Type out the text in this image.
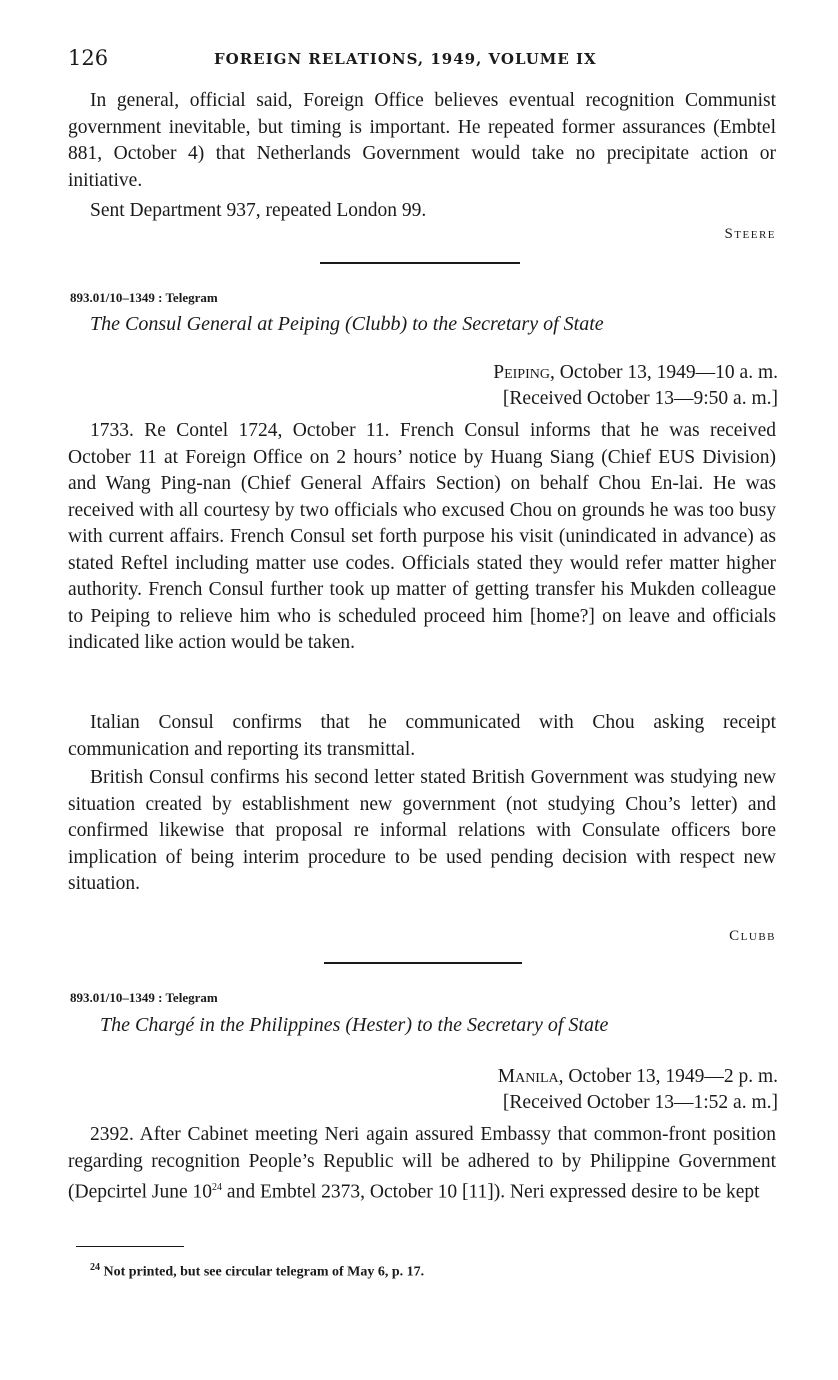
126	FOREIGN RELATIONS, 1949, VOLUME IX

In general, official said, Foreign Office believes eventual recognition Communist government inevitable, but timing is important. He repeated former assurances (Embtel 881, October 4) that Netherlands Government would take no precipitate action or initiative.

Sent Department 937, repeated London 99.

Steere
893.01/10–1349 : Telegram
The Consul General at Peiping (Clubb) to the Secretary of State
Peiping, October 13, 1949—10 a. m.
[Received October 13—9:50 a. m.]

1733. Re Contel 1724, October 11. French Consul informs that he was received October 11 at Foreign Office on 2 hours’ notice by Huang Siang (Chief EUS Division) and Wang Ping-nan (Chief General Affairs Section) on behalf Chou En-lai. He was received with all courtesy by two officials who excused Chou on grounds he was too busy with current affairs. French Consul set forth purpose his visit (unindicated in advance) as stated Reftel including matter use codes. Officials stated they would refer matter higher authority. French Consul further took up matter of getting transfer his Mukden colleague to Peiping to relieve him who is scheduled proceed him [home?] on leave and officials indicated like action would be taken.

Italian Consul confirms that he communicated with Chou asking receipt communication and reporting its transmittal.

British Consul confirms his second letter stated British Government was studying new situation created by establishment new government (not studying Chou’s letter) and confirmed likewise that proposal re informal relations with Consulate officers bore implication of being interim procedure to be used pending decision with respect new situation.

Clubb
893.01/10–1349 : Telegram
The Chargé in the Philippines (Hester) to the Secretary of State
Manila, October 13, 1949—2 p. m.
[Received October 13—1:52 a. m.]

2392. After Cabinet meeting Neri again assured Embassy that common-front position regarding recognition People’s Republic will be adhered to by Philippine Government (Depcirtel June $10^{24}$ and Embtel 2373, October 10 [11]). Neri expressed desire to be kept

$^{24}$ Not printed, but see circular telegram of May 6, p. 17.
